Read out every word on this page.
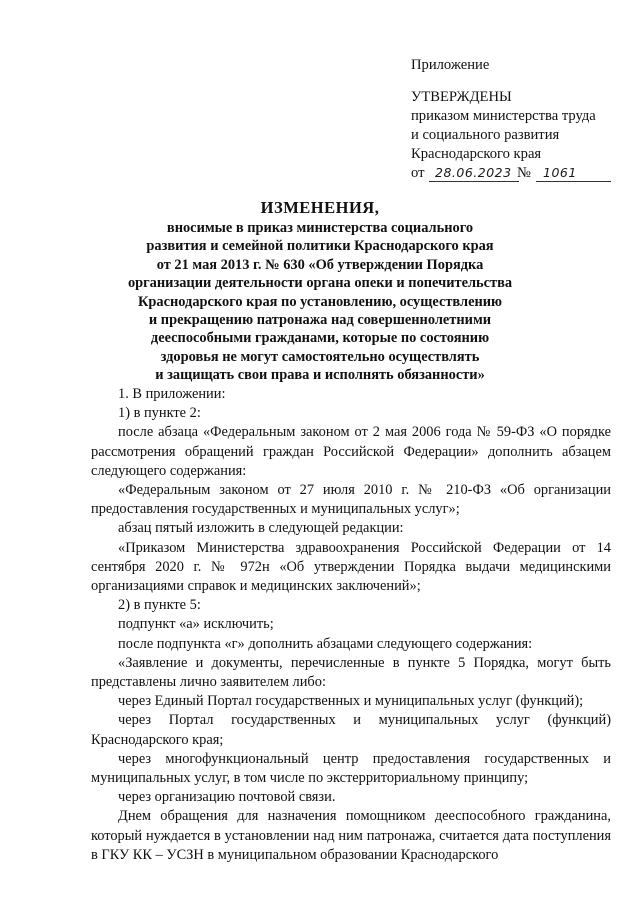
Приложение
УТВЕРЖДЕНЫ
приказом министерства труда
и социального развития
Краснодарского края
от 28.06.2023 № 1061
ИЗМЕНЕНИЯ,
вносимые в приказ министерства социального
развития и семейной политики Краснодарского края
от 21 мая 2013 г. № 630 «Об утверждении Порядка
организации деятельности органа опеки и попечительства
Краснодарского края по установлению, осуществлению
и прекращению патронажа над совершеннолетними
дееспособными гражданами, которые по состоянию
здоровья не могут самостоятельно осуществлять
и защищать свои права и исполнять обязанности»

1. В приложении:

1) в пункте 2:

после абзаца «Федеральным законом от 2 мая 2006 года № 59-ФЗ «О порядке рассмотрения обращений граждан Российской Федерации» дополнить абзацем следующего содержания:

«Федеральным законом от 27 июля 2010 г. № 210-ФЗ «Об организации предоставления государственных и муниципальных услуг»;

абзац пятый изложить в следующей редакции:

«Приказом Министерства здравоохранения Российской Федерации от 14 сентября 2020 г. № 972н «Об утверждении Порядка выдачи медицинскими организациями справок и медицинских заключений»;

2) в пункте 5:

подпункт «а» исключить;

после подпункта «г» дополнить абзацами следующего содержания:

«Заявление и документы, перечисленные в пункте 5 Порядка, могут быть представлены лично заявителем либо:

через Единый Портал государственных и муниципальных услуг (функций);

через Портал государственных и муниципальных услуг (функций) Краснодарского края;

через многофункциональный центр предоставления государственных и муниципальных услуг, в том числе по экстерриториальному принципу;

через организацию почтовой связи.

Днем обращения для назначения помощником дееспособного гражданина, который нуждается в установлении над ним патронажа, считается дата поступления в ГКУ КК – УСЗН в муниципальном образовании Краснодарского
